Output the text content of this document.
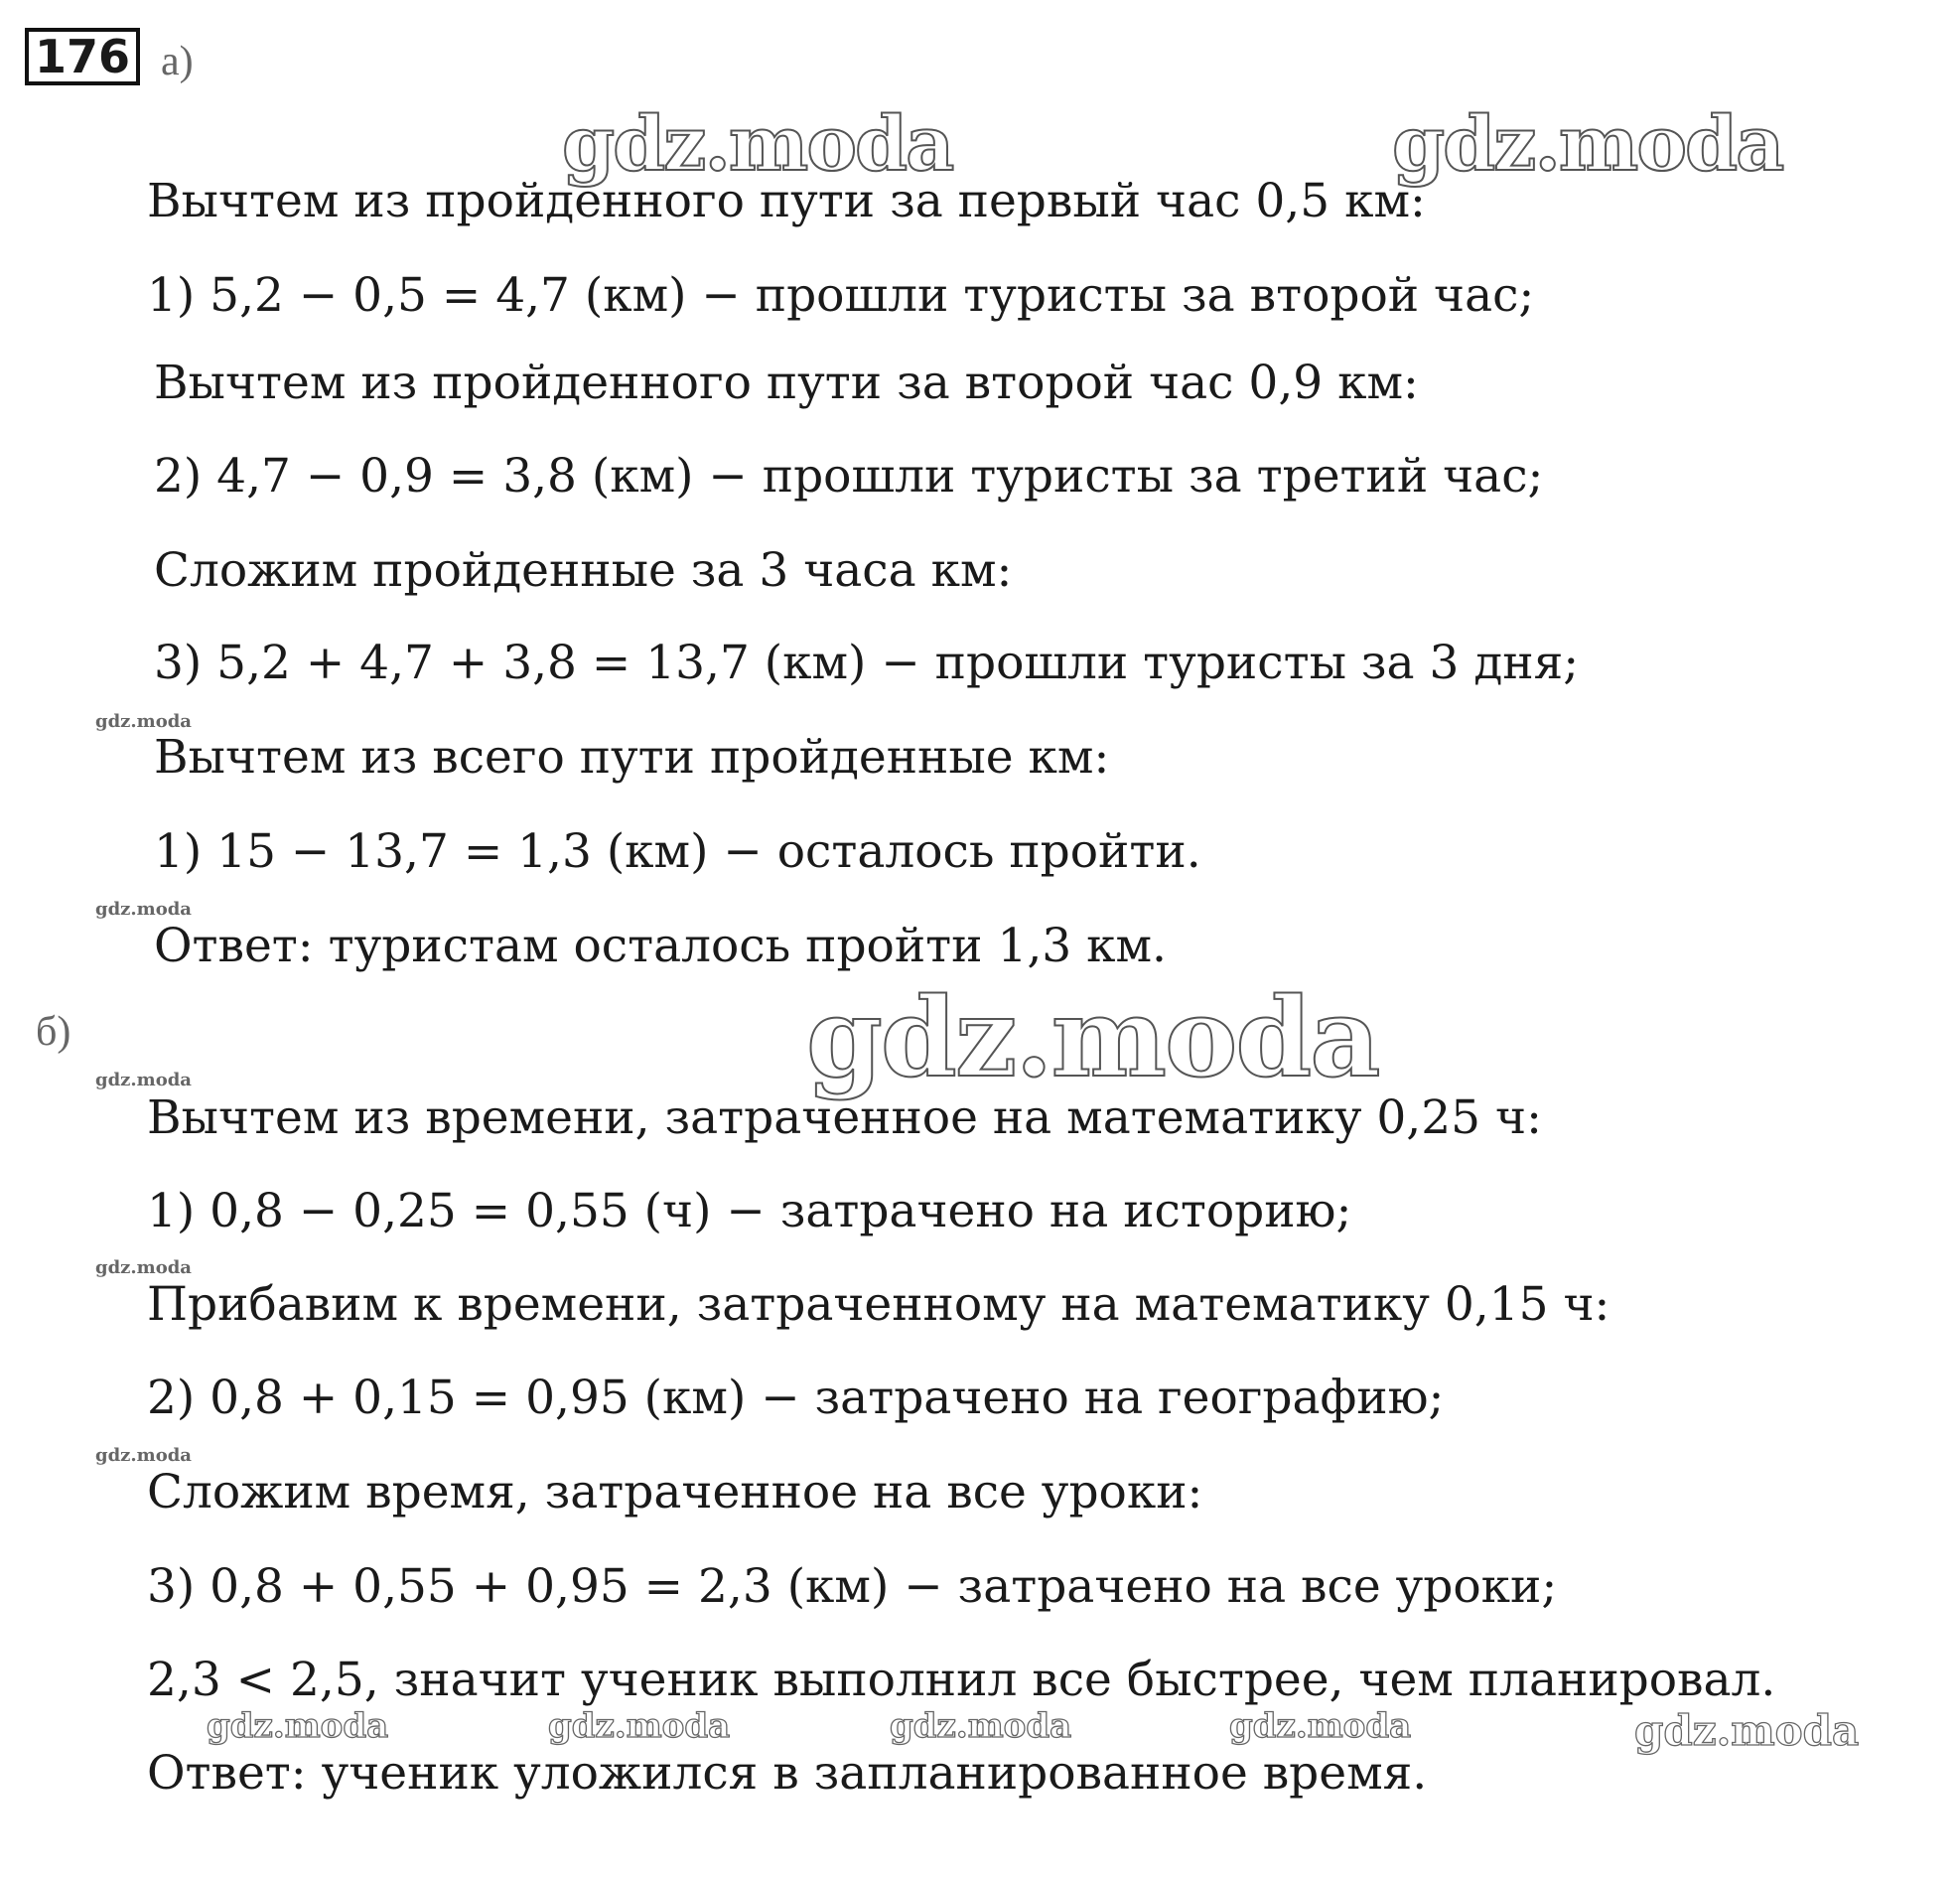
176 а)
б)
gdz.moda	gdz.moda
gdz.moda
gdz.moda
gdz.moda
gdz.moda
gdz.moda
gdz.moda
gdz.moda	gdz.moda	gdz.moda	gdz.moda	gdz.moda
Вычтем из пройденного пути за первый час 0,5 км:
1) 5,2 − 0,5 = 4,7 (км) − прошли туристы за второй час;
Вычтем из пройденного пути за второй час 0,9 км:
2) 4,7 − 0,9 = 3,8 (км) − прошли туристы за третий час;
Сложим пройденные за 3 часа км:
3) 5,2 + 4,7 + 3,8 = 13,7 (км) − прошли туристы за 3 дня;
Вычтем из всего пути пройденные км:
1) 15 − 13,7 = 1,3 (км) − осталось пройти.
Ответ: туристам осталось пройти 1,3 км.
Вычтем из времени, затраченное на математику 0,25 ч:
1) 0,8 − 0,25 = 0,55 (ч) − затрачено на историю;
Прибавим к времени, затраченному на математику 0,15 ч:
2) 0,8 + 0,15 = 0,95 (км) − затрачено на географию;
Сложим время, затраченное на все уроки:
3) 0,8 + 0,55 + 0,95 = 2,3 (км) − затрачено на все уроки;
2,3 < 2,5, значит ученик выполнил все быстрее, чем планировал.
Ответ: ученик уложился в запланированное время.
